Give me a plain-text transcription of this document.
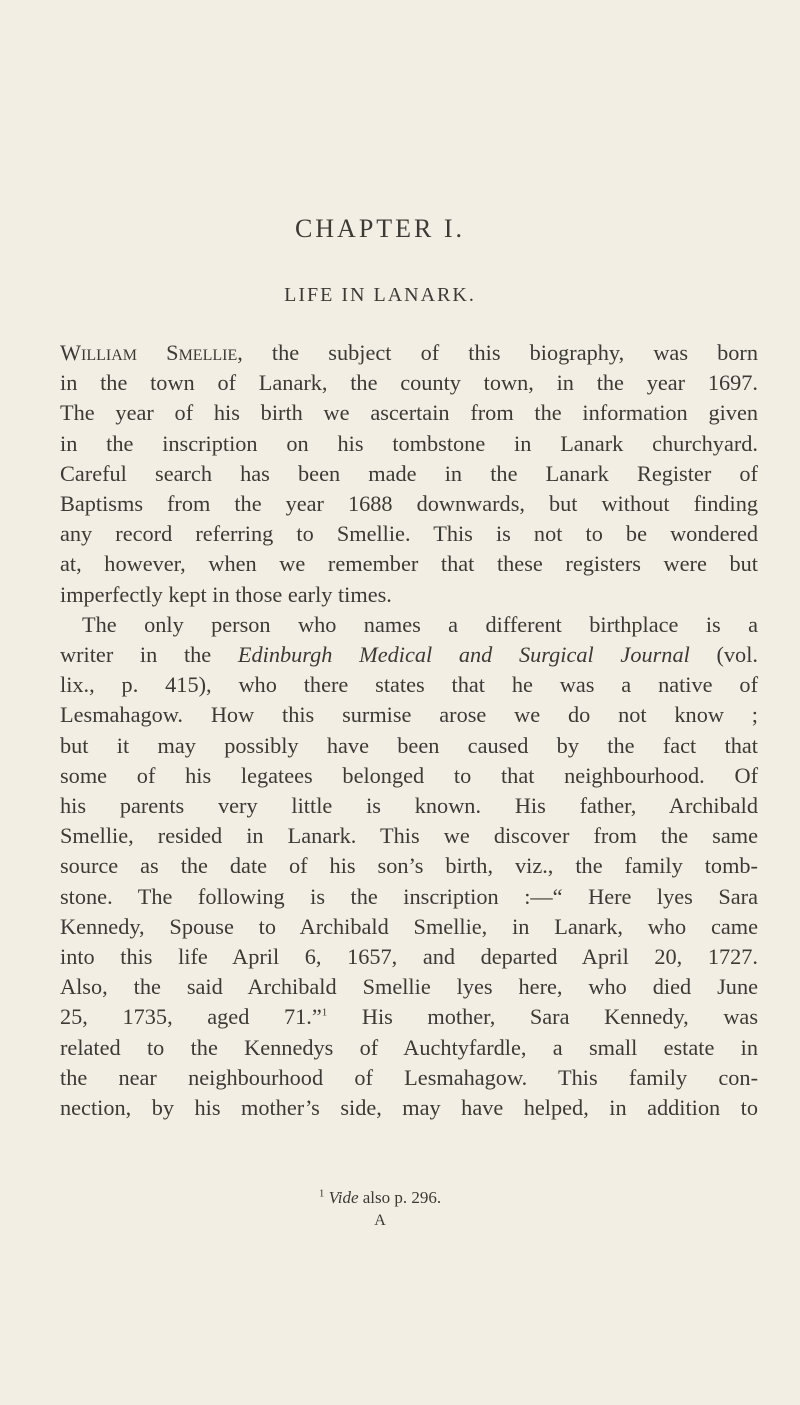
CHAPTER I.
LIFE IN LANARK.
William Smellie, the subject of this biography, was born
in the town of Lanark, the county town, in the year 1697.
The year of his birth we ascertain from the information given
in the inscription on his tombstone in Lanark churchyard.
Careful search has been made in the Lanark Register of
Baptisms from the year 1688 downwards, but without finding
any record referring to Smellie. This is not to be wondered
at, however, when we remember that these registers were but
imperfectly kept in those early times.
The only person who names a different birthplace is a
writer in the Edinburgh Medical and Surgical Journal (vol.
lix., p. 415), who there states that he was a native of
Lesmahagow. How this surmise arose we do not know ;
but it may possibly have been caused by the fact that
some of his legatees belonged to that neighbourhood. Of
his parents very little is known. His father, Archibald
Smellie, resided in Lanark. This we discover from the same
source as the date of his son’s birth, viz., the family tomb-
stone. The following is the inscription :—“ Here lyes Sara
Kennedy, Spouse to Archibald Smellie, in Lanark, who came
into this life April 6, 1657, and departed April 20, 1727.
Also, the said Archibald Smellie lyes here, who died June
25, 1735, aged 71.”$^1$ His mother, Sara Kennedy, was
related to the Kennedys of Auchtyfardle, a small estate in
the near neighbourhood of Lesmahagow. This family con-
nection, by his mother’s side, may have helped, in addition to

$^1$ Vide also p. 296.

A
